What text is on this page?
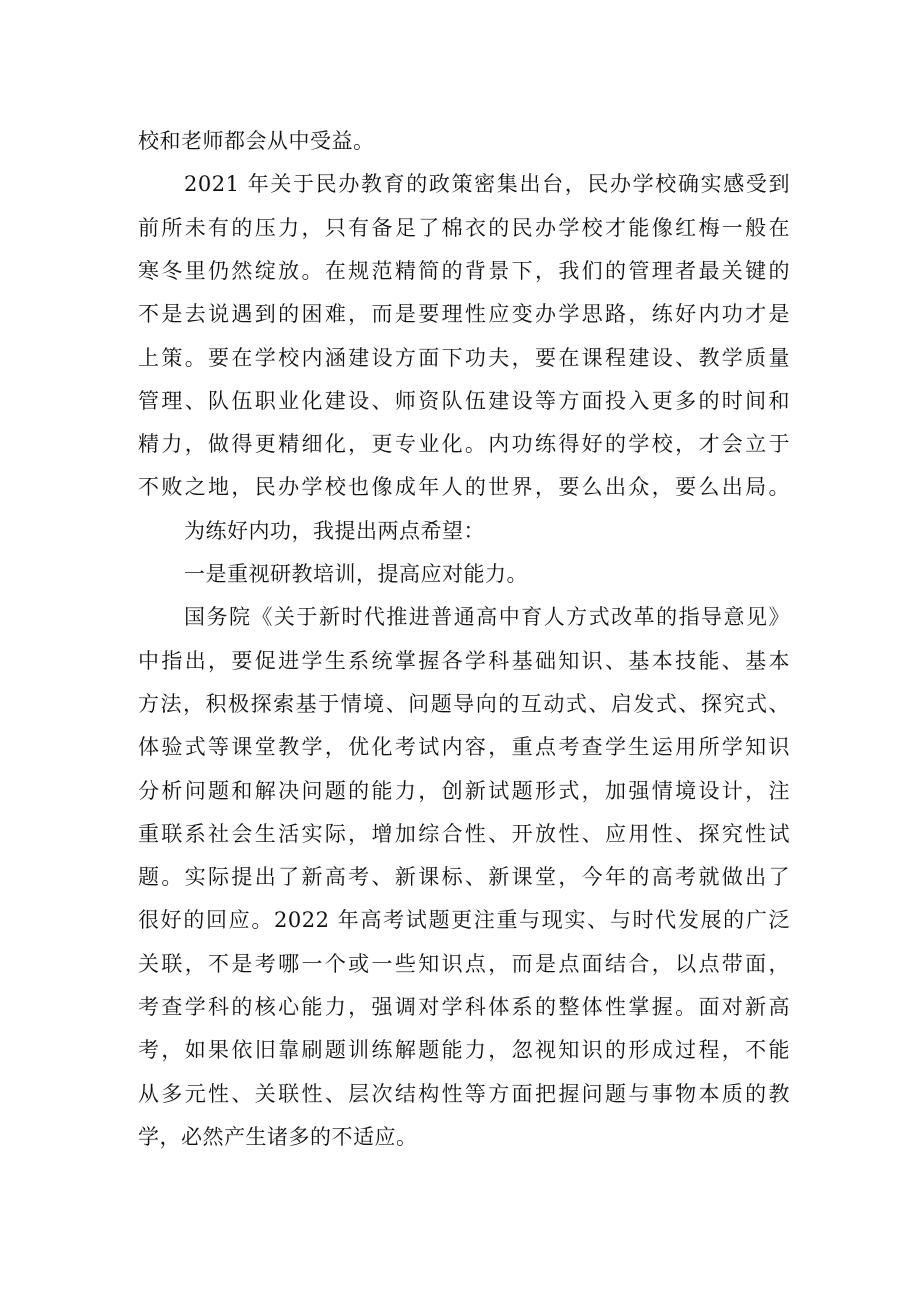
校和老师都会从中受益。
2021 年关于民办教育的政策密集出台，民办学校确实感受到
前所未有的压力，只有备足了棉衣的民办学校才能像红梅一般在
寒冬里仍然绽放。在规范精简的背景下，我们的管理者最关键的
不是去说遇到的困难，而是要理性应变办学思路，练好内功才是
上策。要在学校内涵建设方面下功夫，要在课程建设、教学质量
管理、队伍职业化建设、师资队伍建设等方面投入更多的时间和
精力，做得更精细化，更专业化。内功练得好的学校，才会立于
不败之地，民办学校也像成年人的世界，要么出众，要么出局。
为练好内功，我提出两点希望：
一是重视研教培训，提高应对能力。
国务院《关于新时代推进普通高中育人方式改革的指导意见》
中指出，要促进学生系统掌握各学科基础知识、基本技能、基本
方法，积极探索基于情境、问题导向的互动式、启发式、探究式、
体验式等课堂教学，优化考试内容，重点考查学生运用所学知识
分析问题和解决问题的能力，创新试题形式，加强情境设计，注
重联系社会生活实际，增加综合性、开放性、应用性、探究性试
题。实际提出了新高考、新课标、新课堂，今年的高考就做出了
很好的回应。2022 年高考试题更注重与现实、与时代发展的广泛
关联，不是考哪一个或一些知识点，而是点面结合，以点带面，
考查学科的核心能力，强调对学科体系的整体性掌握。面对新高
考，如果依旧靠刷题训练解题能力，忽视知识的形成过程，不能
从多元性、关联性、层次结构性等方面把握问题与事物本质的教
学，必然产生诸多的不适应。
